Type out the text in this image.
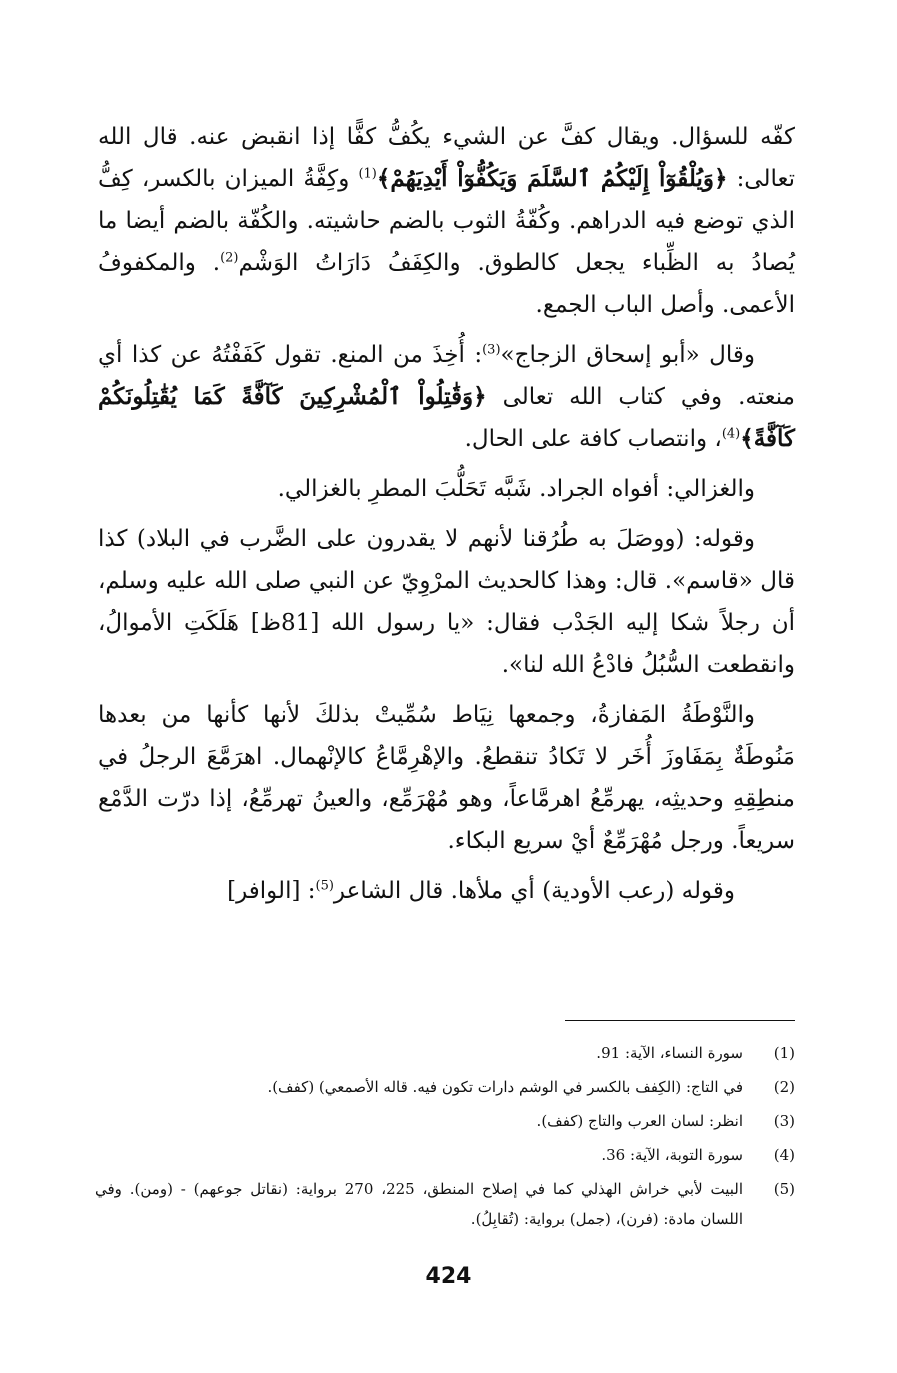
كفّه للسؤال. ويقال كفَّ عن الشيء يكُفُّ كفًّا إذا انقبض عنه. قال الله تعالى: ﴿وَيُلْقُوٓاْ إِلَيْكُمُ ٱلسَّلَمَ وَيَكُفُّوٓاْ أَيْدِيَهُمْ﴾$^{(1)}$ وكِفَّةُ الميزان بالكسر، كِفُّ الذي توضع فيه الدراهم. وكُفّةُ الثوب بالضم حاشيته. والكُفّة بالضم أيضا ما يُصادُ به الظِّباء يجعل كالطوق. والكِفَفُ دَارَاتُ الوَشْم$^{(2)}$. والمكفوفُ الأعمى. وأصل الباب الجمع.

وقال «أبو إسحاق الزجاج»$^{(3)}$: أُخِذَ من المنع. تقول كَفَفْتُهُ عن كذا أي منعته. وفي كتاب الله تعالى ﴿وَقَٰتِلُواْ ٱلْمُشْرِكِينَ كَآفَّةً كَمَا يُقَٰتِلُونَكُمْ كَآفَّةً﴾$^{(4)}$، وانتصاب كافة على الحال.

والغزالي: أفواه الجراد. شَبَّه تَحَلُّبَ المطرِ بالغزالي.

وقوله: (ووصَلَ به طُرُقنا لأنهم لا يقدرون على الضَّرب في البلاد) كذا قال «قاسم». قال: وهذا كالحديث المرْوِيّ عن النبي صلى الله عليه وسلم، أن رجلاً شكا إليه الجَدْب فقال: «يا رسول الله [81ظ] هَلَكَتِ الأموالُ، وانقطعت السُّبُلُ فادْعُ الله لنا».

والنَّوْطَةُ المَفازةُ، وجمعها نِيَاط سُمِّيتْ بذلكَ لأنها كأنها من بعدها مَنُوطَةٌ بِمَفَاوزَ أُخَر لا تَكادُ تنقطعُ. والإهْرِمَّاعُ كالإنْهمال. اهرَمَّعَ الرجلُ في منطِقِهِ وحديثِه، يهرمِّعُ اهرمَّاعاً، وهو مُهْرَمِّع، والعينُ تهرمِّعُ، إذا درّت الدَّمْع سريعاً. ورجل مُهْرَمِّعٌ أيْ سريع البكاء.

وقوله (رعب الأودية) أي ملأها. قال الشاعر$^{(5)}$: [الوافر]

(1)
سورة النساء، الآية: 91.
(2)
في التاج: (الكِفف بالكسر في الوشم دارات تكون فيه. قاله الأصمعي) (كفف).
(3)
انظر: لسان العرب والتاج (كفف).
(4)
سورة التوبة، الآية: 36.
(5)
البيت لأبي خراش الهذلي كما في إصلاح المنطق، 225، 270 برواية: (نقاتل جوعهم) - (ومن). وفي اللسان مادة: (فرن)، (جمل) برواية: (تُقابِلُ).
424
